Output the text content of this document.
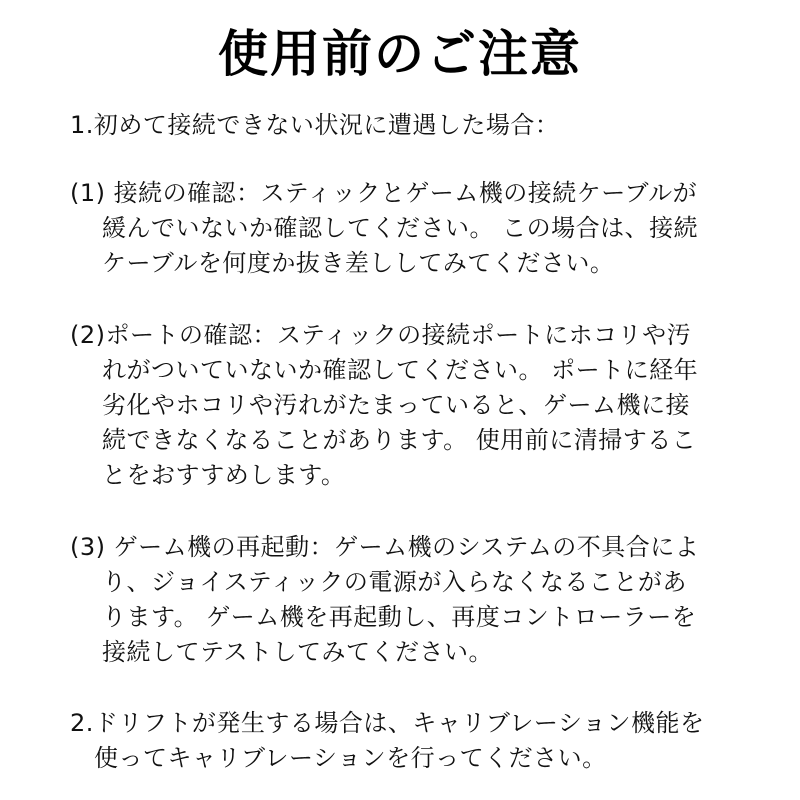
使用前のご注意
1.初めて接続できない状況に遭遇した場合：
(1) 接続の確認：スティックとゲーム機の接続ケーブルが
緩んでいないか確認してください。 この場合は、接続
ケーブルを何度か抜き差ししてみてください。
(2)ポートの確認：スティックの接続ポートにホコリや汚
れがついていないか確認してください。 ポートに経年
劣化やホコリや汚れがたまっていると、ゲーム機に接
続できなくなることがあります。 使用前に清掃するこ
とをおすすめします。
(3) ゲーム機の再起動：ゲーム機のシステムの不具合によ
り、ジョイスティックの電源が入らなくなることがあ
ります。 ゲーム機を再起動し、再度コントローラーを
接続してテストしてみてください。
2.ドリフトが発生する場合は、キャリブレーション機能を
使ってキャリブレーションを行ってください。
